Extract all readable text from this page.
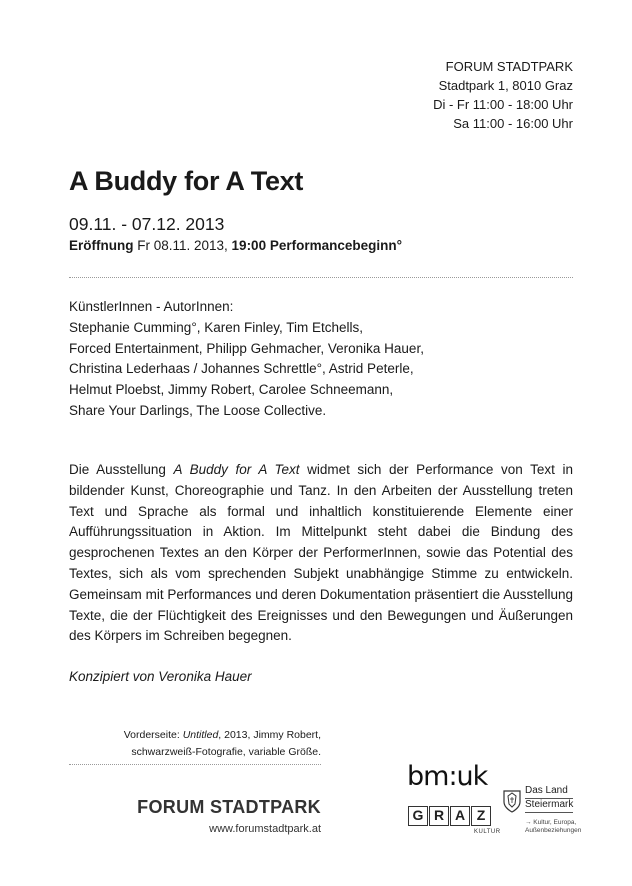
FORUM STADTPARK
Stadtpark 1, 8010 Graz
Di - Fr 11:00 - 18:00 Uhr
Sa 11:00 - 16:00 Uhr
A Buddy for A Text
09.11. - 07.12. 2013
Eröffnung Fr 08.11. 2013, 19:00 Performancebeginn°
KünstlerInnen - AutorInnen:
Stephanie Cumming°, Karen Finley, Tim Etchells,
Forced Entertainment, Philipp Gehmacher, Veronika Hauer,
Christina Lederhaas / Johannes Schrettle°, Astrid Peterle,
Helmut Ploebst, Jimmy Robert, Carolee Schneemann,
Share Your Darlings, The Loose Collective.
Die Ausstellung A Buddy for A Text widmet sich der Performance von Text in bildender Kunst, Choreographie und Tanz. In den Arbeiten der Ausstellung treten Text und Sprache als formal und inhaltlich konstituierende Elemente einer Aufführungssituation in Aktion. Im Mittelpunkt steht dabei die Bindung des gesprochenen Textes an den Körper der PerformerInnen, sowie das Potential des Textes, sich als vom sprechenden Subjekt unabhängige Stimme zu entwickeln. Gemeinsam mit Performances und deren Dokumentation präsentiert die Ausstellung Texte, die der Flüchtigkeit des Ereignisses und den Bewegungen und Äußerungen des Körpers im Schreiben begegnen.
Konzipiert von Veronika Hauer
Vorderseite: Untitled, 2013, Jimmy Robert,
schwarzweiß-Fotografie, variable Größe.
FORUM STADTPARK
www.forumstadtpark.at
bm:uk
G R A Z
KULTUR
Das Land
Steiermark
→ Kultur, Europa,
Außenbeziehungen
